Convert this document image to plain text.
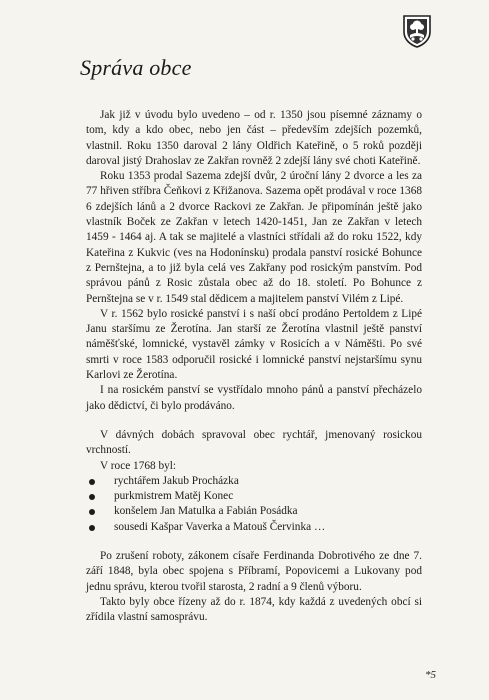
Správa obce

Jak již v úvodu bylo uvedeno – od r. 1350 jsou písemné záznamy o tom, kdy a kdo obec, nebo jen část – především zdejších pozemků, vlastnil. Roku 1350 daroval 2 lány Oldřich Kateřině, o 5 roků později daroval jistý Drahoslav ze Zakřan rovněž 2 zdejší lány své choti Kateřině.

Roku 1353 prodal Sazema zdejší dvůr, 2 úroční lány 2 dvorce a les za 77 hřiven stříbra Čeňkovi z Křižanova. Sazema opět prodával v roce 1368 6 zdejších lánů a 2 dvorce Rackovi ze Zakřan. Je připomínán ještě jako vlastník Boček ze Zakřan v letech 1420-1451, Jan ze Zakřan v letech 1459 - 1464 aj. A tak se majitelé a vlastníci střídali až do roku 1522, kdy Kateřina z Kukvic (ves na Hodonínsku) prodala panství rosické Bohunce z Pernštejna, a to již byla celá ves Zakřany pod rosickým panstvím. Pod správou pánů z Rosic zůstala obec až do 18. století. Po Bohunce z Pernštejna se v r. 1549 stal dědicem a majitelem panství Vilém z Lipé.

V r. 1562 bylo rosické panství i s naší obcí prodáno Pertoldem z Lipé Janu staršímu ze Žerotína. Jan starší ze Žerotína vlastnil ještě panství náměšťské, lomnické, vystavěl zámky v Rosicích a v Náměšti. Po své smrti v roce 1583 odporučil rosické i lomnické panství nejstaršímu synu Karlovi ze Žerotína.

I na rosickém panství se vystřídalo mnoho pánů a panství přecházelo jako dědictví, či bylo prodáváno.

V dávných dobách spravoval obec rychtář, jmenovaný rosickou vrchností.

V roce 1768 byl:

rychtářem Jakub Procházka
purkmistrem Matěj Konec
konšelem Jan Matulka a Fabián Posádka
sousedi Kašpar Vaverka a Matouš Červinka …

Po zrušení roboty, zákonem císaře Ferdinanda Dobrotivého ze dne 7. září 1848, byla obec spojena s Příbramí, Popovicemi a Lukovany pod jednu správu, kterou tvořil starosta, 2 radní a 9 členů výboru.

Takto byly obce řízeny až do r. 1874, kdy každá z uvedených obcí si zřídila vlastní samosprávu.

*5
